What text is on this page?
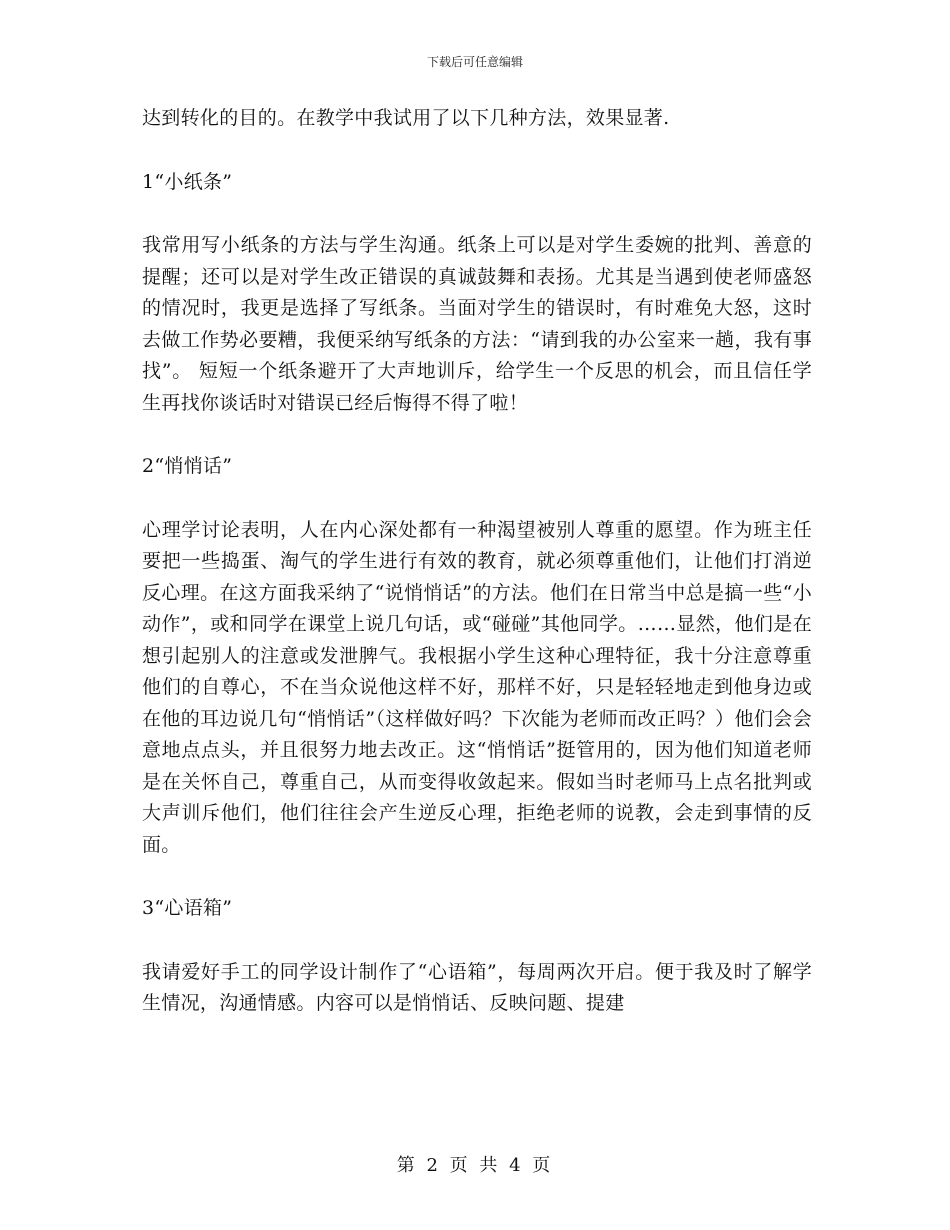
下载后可任意编辑

达到转化的目的。在教学中我试用了以下几种方法，效果显著.

1“小纸条”

我常用写小纸条的方法与学生沟通。纸条上可以是对学生委婉的批判、善意的提醒；还可以是对学生改正错误的真诚鼓舞和表扬。尤其是当遇到使老师盛怒的情况时，我更是选择了写纸条。当面对学生的错误时，有时难免大怒，这时去做工作势必要糟，我便采纳写纸条的方法：“请到我的办公室来一趟，我有事找”。 短短一个纸条避开了大声地训斥，给学生一个反思的机会，而且信任学生再找你谈话时对错误已经后悔得不得了啦！

2“悄悄话”

心理学讨论表明，人在内心深处都有一种渴望被别人尊重的愿望。作为班主任要把一些捣蛋、淘气的学生进行有效的教育，就必须尊重他们，让他们打消逆反心理。在这方面我采纳了“说悄悄话”的方法。他们在日常当中总是搞一些“小动作”，或和同学在课堂上说几句话，或“碰碰”其他同学。……显然，他们是在想引起别人的注意或发泄脾气。我根据小学生这种心理特征，我十分注意尊重他们的自尊心，不在当众说他这样不好，那样不好，只是轻轻地走到他身边或在他的耳边说几句“悄悄话”（这样做好吗？下次能为老师而改正吗？）他们会会意地点点头，并且很努力地去改正。这“悄悄话”挺管用的，因为他们知道老师是在关怀自己，尊重自己，从而变得收敛起来。假如当时老师马上点名批判或大声训斥他们，他们往往会产生逆反心理，拒绝老师的说教，会走到事情的反面。

3“心语箱”

我请爱好手工的同学设计制作了“心语箱”，每周两次开启。便于我及时了解学生情况，沟通情感。内容可以是悄悄话、反映问题、提建

第 2 页 共 4 页
